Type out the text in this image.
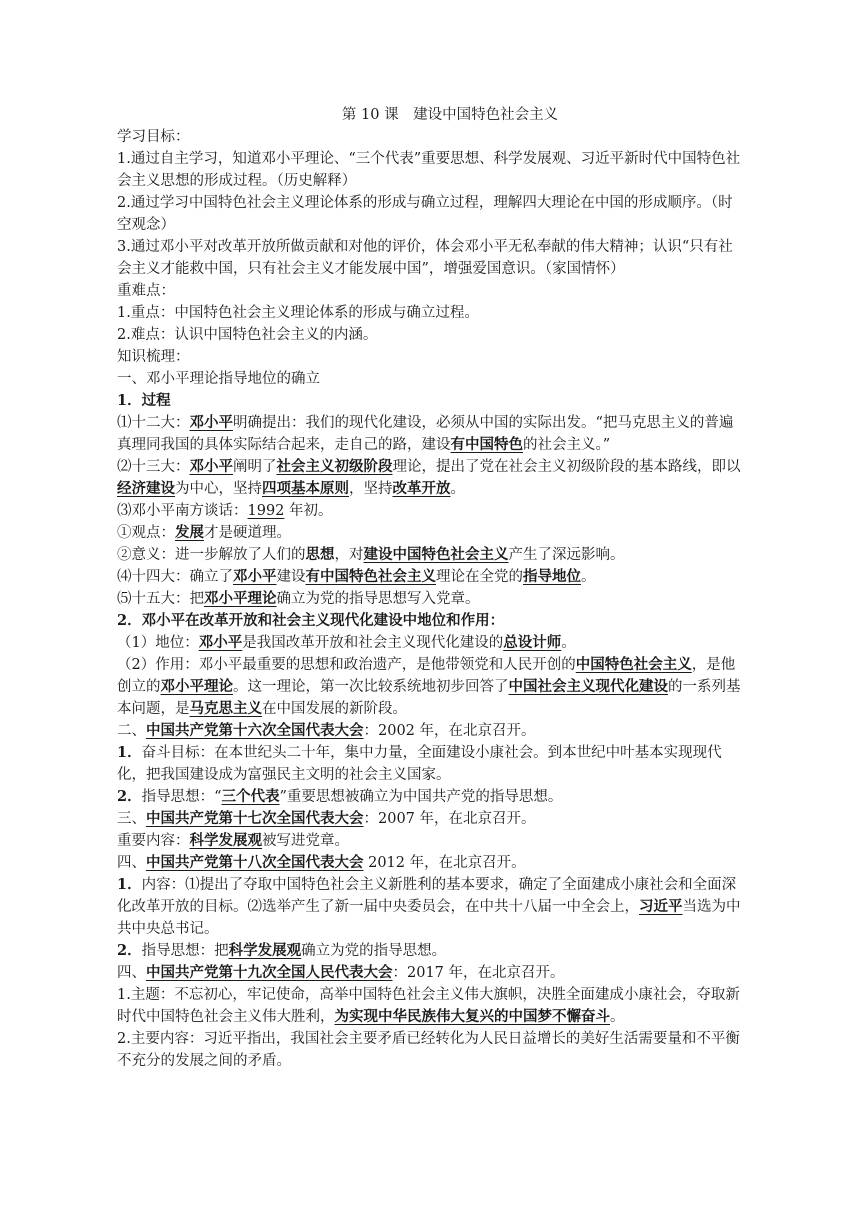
第 10 课　建设中国特色社会主义
学习目标：
1.通过自主学习，知道邓小平理论、“三个代表”重要思想、科学发展观、习近平新时代中国特色社会主义思想的形成过程。（历史解释）
2.通过学习中国特色社会主义理论体系的形成与确立过程，理解四大理论在中国的形成顺序。（时空观念）
3.通过邓小平对改革开放所做贡献和对他的评价，体会邓小平无私奉献的伟大精神；认识“只有社会主义才能救中国，只有社会主义才能发展中国”，增强爱国意识。（家国情怀）
重难点：
1.重点：中国特色社会主义理论体系的形成与确立过程。
2.难点：认识中国特色社会主义的内涵。
知识梳理：
一、邓小平理论指导地位的确立
1．过程
⑴十二大：邓小平明确提出：我们的现代化建设，必须从中国的实际出发。“把马克思主义的普遍真理同我国的具体实际结合起来，走自己的路，建设有中国特色的社会主义。”
⑵十三大：邓小平阐明了社会主义初级阶段理论，提出了党在社会主义初级阶段的基本路线，即以经济建设为中心，坚持四项基本原则，坚持改革开放。
⑶邓小平南方谈话：1992 年初。
①观点：发展才是硬道理。
②意义：进一步解放了人们的思想，对建设中国特色社会主义产生了深远影响。
⑷十四大：确立了邓小平建设有中国特色社会主义理论在全党的指导地位。
⑸十五大：把邓小平理论确立为党的指导思想写入党章。
2．邓小平在改革开放和社会主义现代化建设中地位和作用：
（1）地位：邓小平是我国改革开放和社会主义现代化建设的总设计师。
（2）作用：邓小平最重要的思想和政治遗产，是他带领党和人民开创的中国特色社会主义，是他创立的邓小平理论。这一理论，第一次比较系统地初步回答了中国社会主义现代化建设的一系列基本问题，是马克思主义在中国发展的新阶段。
二、中国共产党第十六次全国代表大会：2002 年，在北京召开。
1．奋斗目标：在本世纪头二十年，集中力量，全面建设小康社会。到本世纪中叶基本实现现代化，把我国建设成为富强民主文明的社会主义国家。
2．指导思想：“三个代表”重要思想被确立为中国共产党的指导思想。
三、中国共产党第十七次全国代表大会：2007 年，在北京召开。
重要内容：科学发展观被写进党章。
四、中国共产党第十八次全国代表大会 2012 年，在北京召开。
1．内容：⑴提出了夺取中国特色社会主义新胜利的基本要求，确定了全面建成小康社会和全面深化改革开放的目标。⑵选举产生了新一届中央委员会，在中共十八届一中全会上，习近平当选为中共中央总书记。
2．指导思想：把科学发展观确立为党的指导思想。
四、中国共产党第十九次全国人民代表大会：2017 年，在北京召开。
1.主题：不忘初心，牢记使命，高举中国特色社会主义伟大旗帜，决胜全面建成小康社会，夺取新时代中国特色社会主义伟大胜利，为实现中华民族伟大复兴的中国梦不懈奋斗。
2.主要内容：习近平指出，我国社会主要矛盾已经转化为人民日益增长的美好生活需要量和不平衡不充分的发展之间的矛盾。
